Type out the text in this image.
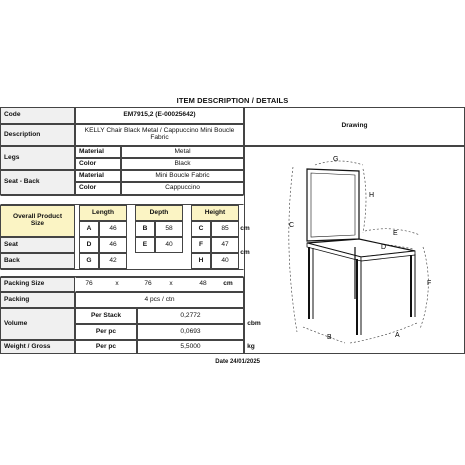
ITEM DESCRIPTION / DETAILS
Code	EM7915,2 (E-00025642)
Description	KELLY Chair Black Metal / Cappuccino Mini Boucle Fabric
Drawing
G
H
C
E
D
F
B	A
Legs
Material	Metal
Color	Black
Seat - Back
Material	Mini Boucle Fabric
Color	Cappuccino
Overall Product Size
Length	Depth	Height
A	46	B	58	C	85	cm
Seat	D	46	E	40	F	47
cm
Back	G	42	H	40
Packing Size	76	x	76	x	48	cm
Packing	4 pcs / ctn
Volume
Per Stack	0,2772
Per pc	0,0693
cbm
Weight / Gross	Per pc	5,5000	kg
Date 24/01/2025
